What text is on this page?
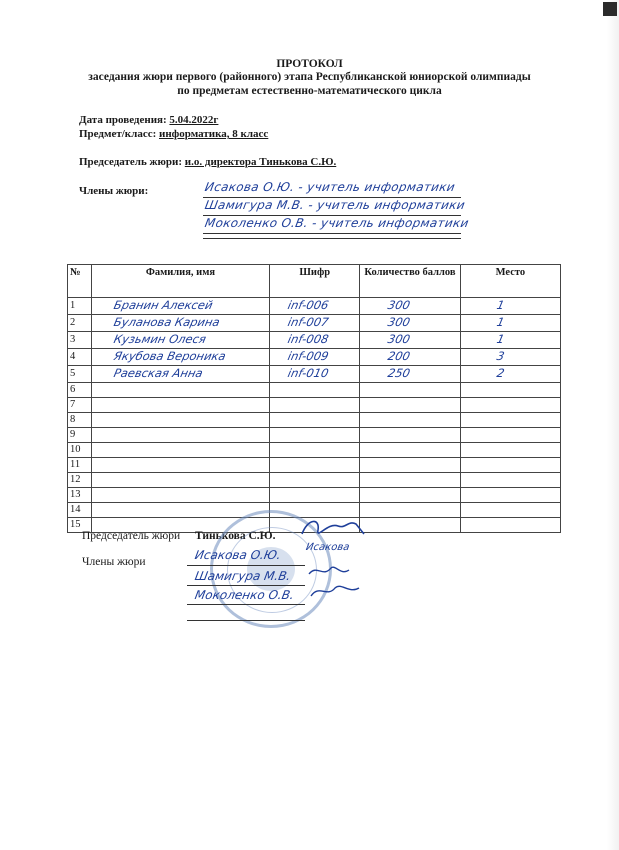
ПРОТОКОЛ
заседания жюри первого (районного) этапа Республиканской юниорской олимпиады
по предметам естественно-математического цикла
Дата проведения: 5.04.2022г
Предмет/класс: информатика, 8 класс
Председатель жюри: и.о. директора Тинькова С.Ю.
Члены жюри:	Исакова О.Ю. - учитель информатики
Шамигура М.В. - учитель информатики
Моколенко О.В. - учитель информатики
№	Фамилия, имя	Шифр	Количество баллов	Место
1	Бранин Алексей	inf-006	300	1
2	Буланова Карина	inf-007	300	1
3	Кузьмин Олеся	inf-008	300	1
4	Якубова Вероника	inf-009	200	3
5	Раевская Анна	inf-010	250	2
6				
7				
8				
9				
10				
11				
12				
13				
14				
15				
Председатель жюри Тинькова С.Ю.
Члены жюри	Исакова О.Ю.
Шамигура М.В.
Моколенко О.В.
Исакова
